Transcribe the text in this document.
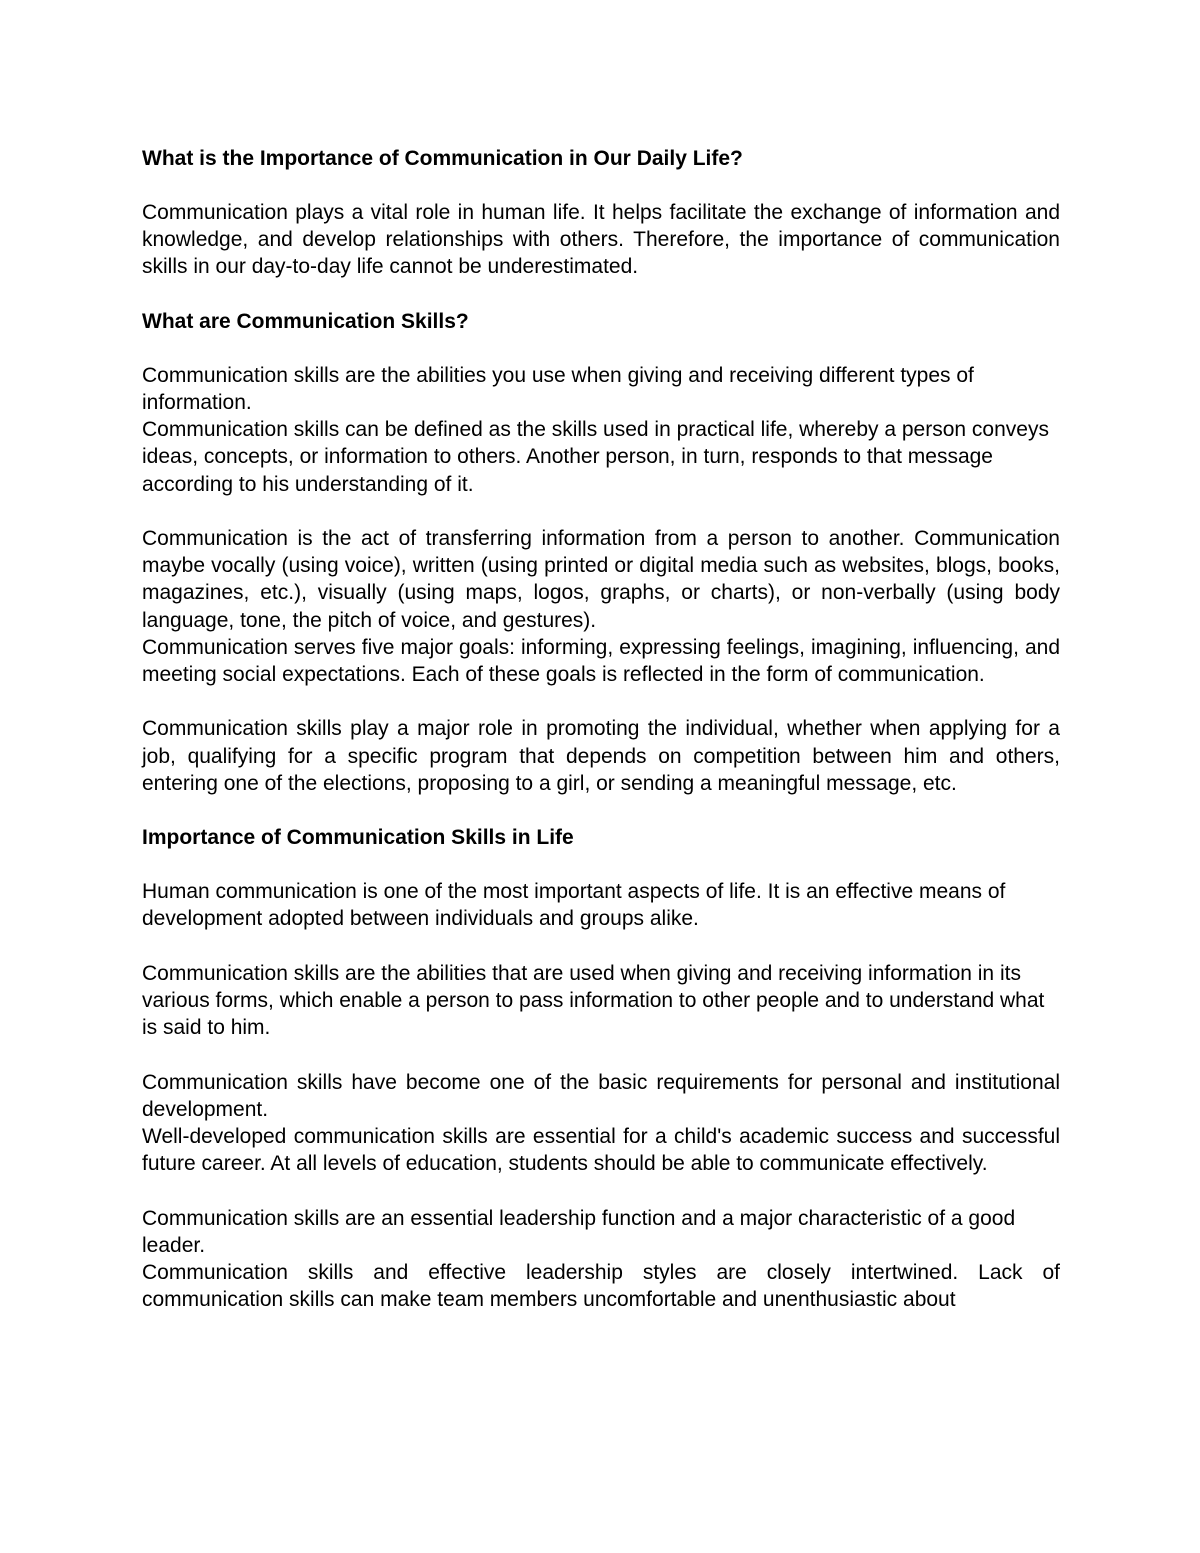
What is the Importance of Communication in Our Daily Life?

Communication plays a vital role in human life. It helps facilitate the exchange of information and knowledge, and develop relationships with others. Therefore, the importance of communication skills in our day-to-day life cannot be underestimated.

What are Communication Skills?

Communication skills are the abilities you use when giving and receiving different types of information.

Communication skills can be defined as the skills used in practical life, whereby a person conveys ideas, concepts, or information to others. Another person, in turn, responds to that message according to his understanding of it.

Communication is the act of transferring information from a person to another. Communication maybe vocally (using voice), written (using printed or digital media such as websites, blogs, books, magazines, etc.), visually (using maps, logos, graphs, or charts), or non-verbally (using body language, tone, the pitch of voice, and gestures).

Communication serves five major goals: informing, expressing feelings, imagining, influencing, and meeting social expectations. Each of these goals is reflected in the form of communication.

Communication skills play a major role in promoting the individual, whether when applying for a job, qualifying for a specific program that depends on competition between him and others, entering one of the elections, proposing to a girl, or sending a meaningful message, etc.

Importance of Communication Skills in Life

Human communication is one of the most important aspects of life. It is an effective means of development adopted between individuals and groups alike.

Communication skills are the abilities that are used when giving and receiving information in its various forms, which enable a person to pass information to other people and to understand what is said to him.

Communication skills have become one of the basic requirements for personal and institutional development.

Well-developed communication skills are essential for a child's academic success and successful future career. At all levels of education, students should be able to communicate effectively.

Communication skills are an essential leadership function and a major characteristic of a good leader.

Communication skills and effective leadership styles are closely intertwined. Lack of communication skills can make team members uncomfortable and unenthusiastic about
